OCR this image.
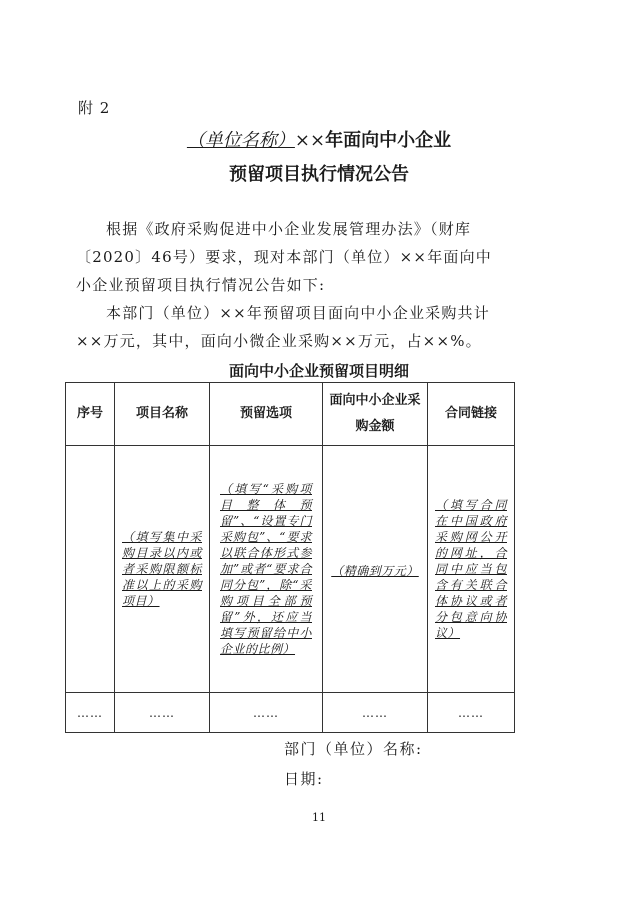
附 2
（单位名称）××年面向中小企业
预留项目执行情况公告
根据《政府采购促进中小企业发展管理办法》（财库〔2020〕46号）要求，现对本部门（单位）××年面向中小企业预留项目执行情况公告如下:
本部门（单位）××年预留项目面向中小企业采购共计××万元，其中，面向小微企业采购××万元，占××%。
面向中小企业预留项目明细
序号	项目名称	预留选项	面向中小企业采购金额	合同链接
	（填写集中采购目录以内或者采购限额标准以上的采购项目）	（填写“采购项目整体预留”、“设置专门采购包”、“要求以联合体形式参加”或者“要求合同分包”，除“采购项目全部预留”外，还应当填写预留给中小企业的比例）	（精确到万元）	（填写合同在中国政府采购网公开的网址，合同中应当包含有关联合体协议或者分包意向协议）
……	……	……	……	……
部门（单位）名称:
日期:
11
